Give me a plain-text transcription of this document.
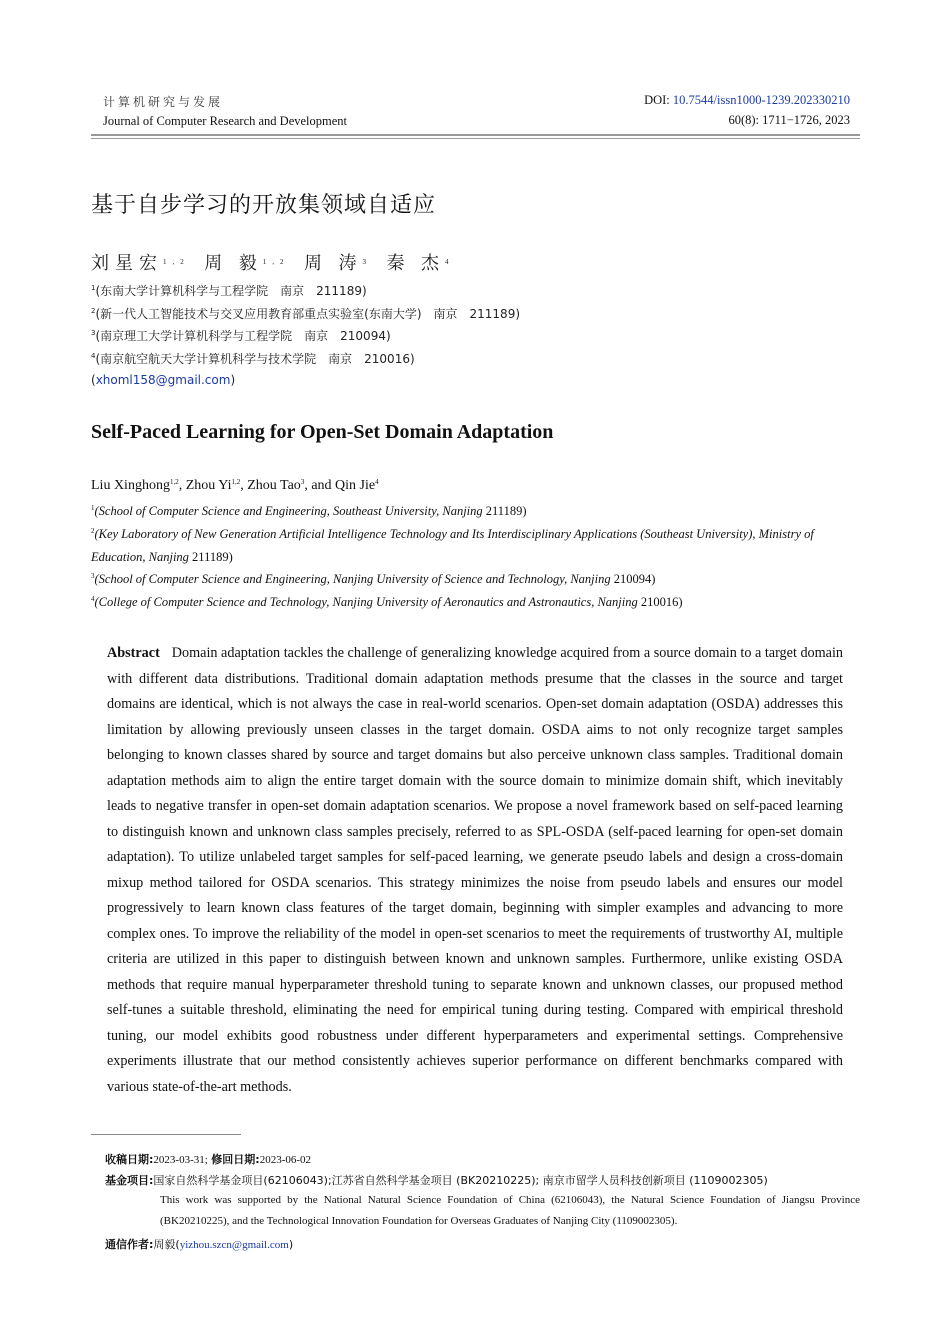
计算机研究与发展
Journal of Computer Research and Development
DOI: 10.7544/issn1000-1239.202330210
60(8): 1711−1726, 2023
基于自步学习的开放集领域自适应
刘星宏$^{1,2}$ 周 毅$^{1,2}$ 周 涛$^3$ 秦 杰$^4$
$^1$(东南大学计算机科学与工程学院　南京　211189)
$^2$(新一代人工智能技术与交叉应用教育部重点实验室(东南大学)　南京　211189)
$^3$(南京理工大学计算机科学与工程学院　南京　210094)
$^4$(南京航空航天大学计算机科学与技术学院　南京　210016)
(xhoml158@gmail.com)
Self-Paced Learning for Open-Set Domain Adaptation
Liu Xinghong$^{1,2}$, Zhou Yi$^{1,2}$, Zhou Tao$^3$, and Qin Jie$^4$
$^1$(School of Computer Science and Engineering, Southeast University, Nanjing 211189)
$^2$(Key Laboratory of New Generation Artificial Intelligence Technology and Its Interdisciplinary Applications (Southeast University), Ministry of Education, Nanjing 211189)
$^3$(School of Computer Science and Engineering, Nanjing University of Science and Technology, Nanjing 210094)
$^4$(College of Computer Science and Technology, Nanjing University of Aeronautics and Astronautics, Nanjing 210016)
Abstract Domain adaptation tackles the challenge of generalizing knowledge acquired from a source domain to a target domain with different data distributions. Traditional domain adaptation methods presume that the classes in the source and target domains are identical, which is not always the case in real-world scenarios. Open-set domain adaptation (OSDA) addresses this limitation by allowing previously unseen classes in the target domain. OSDA aims to not only recognize target samples belonging to known classes shared by source and target domains but also perceive unknown class samples. Traditional domain adaptation methods aim to align the entire target domain with the source domain to minimize domain shift, which inevitably leads to negative transfer in open-set domain adaptation scenarios. We propose a novel framework based on self-paced learning to distinguish known and unknown class samples precisely, referred to as SPL-OSDA (self-paced learning for open-set domain adaptation). To utilize unlabeled target samples for self-paced learning, we generate pseudo labels and design a cross-domain mixup method tailored for OSDA scenarios. This strategy minimizes the noise from pseudo labels and ensures our model progressively to learn known class features of the target domain, beginning with simpler examples and advancing to more complex ones. To improve the reliability of the model in open-set scenarios to meet the requirements of trustworthy AI, multiple criteria are utilized in this paper to distinguish between known and unknown samples. Furthermore, unlike existing OSDA methods that require manual hyperparameter threshold tuning to separate known and unknown classes, our propused method self-tunes a suitable threshold, eliminating the need for empirical tuning during testing. Compared with empirical threshold tuning, our model exhibits good robustness under different hyperparameters and experimental settings. Comprehensive experiments illustrate that our method consistently achieves superior performance on different benchmarks compared with various state-of-the-art methods.
收稿日期:2023-03-31; 修回日期:2023-06-02
基金项目:国家自然科学基金项目(62106043);江苏省自然科学基金项目 (BK20210225); 南京市留学人员科技创新项目 (1109002305)
This work was supported by the National Natural Science Foundation of China (62106043), the Natural Science Foundation of Jiangsu Province (BK20210225), and the Technological Innovation Foundation for Overseas Graduates of Nanjing City (1109002305).
通信作者:周毅(yizhou.szcn@gmail.com)
